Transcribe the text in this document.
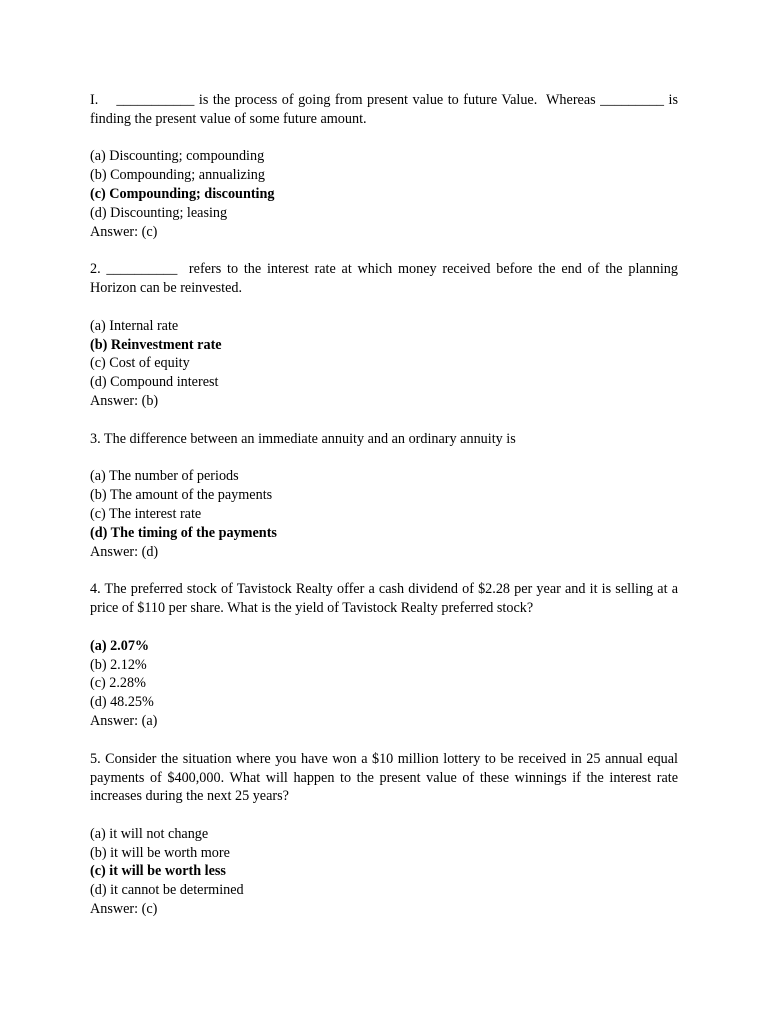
I.    ___________ is the process of going from present value to future Value.  Whereas _________ is
finding the present value of some future amount.
(a) Discounting; compounding
(b) Compounding; annualizing
(c) Compounding; discounting
(d) Discounting; leasing
Answer: (c)
2. __________  refers to the interest rate at which money received before the end of the planning Horizon can be reinvested.
(a) Internal rate
(b) Reinvestment rate
(c) Cost of equity
(d) Compound interest
Answer: (b)
3. The difference between an immediate annuity and an ordinary annuity is
(a) The number of periods
(b) The amount of the payments
(c) The interest rate
(d) The timing of the payments
Answer: (d)
4. The preferred stock of Tavistock Realty offer a cash dividend of $2.28 per year and it is selling at a price of $110 per share. What is the yield of Tavistock Realty preferred stock?
(a) 2.07%
(b) 2.12%
(c) 2.28%
(d) 48.25%
Answer: (a)
5. Consider the situation where you have won a $10 million lottery to be received in 25 annual equal payments of $400,000. What will happen to the present value of these winnings if the interest rate increases during the next 25 years?
(a) it will not change
(b) it will be worth more
(c) it will be worth less
(d) it cannot be determined
Answer: (c)
